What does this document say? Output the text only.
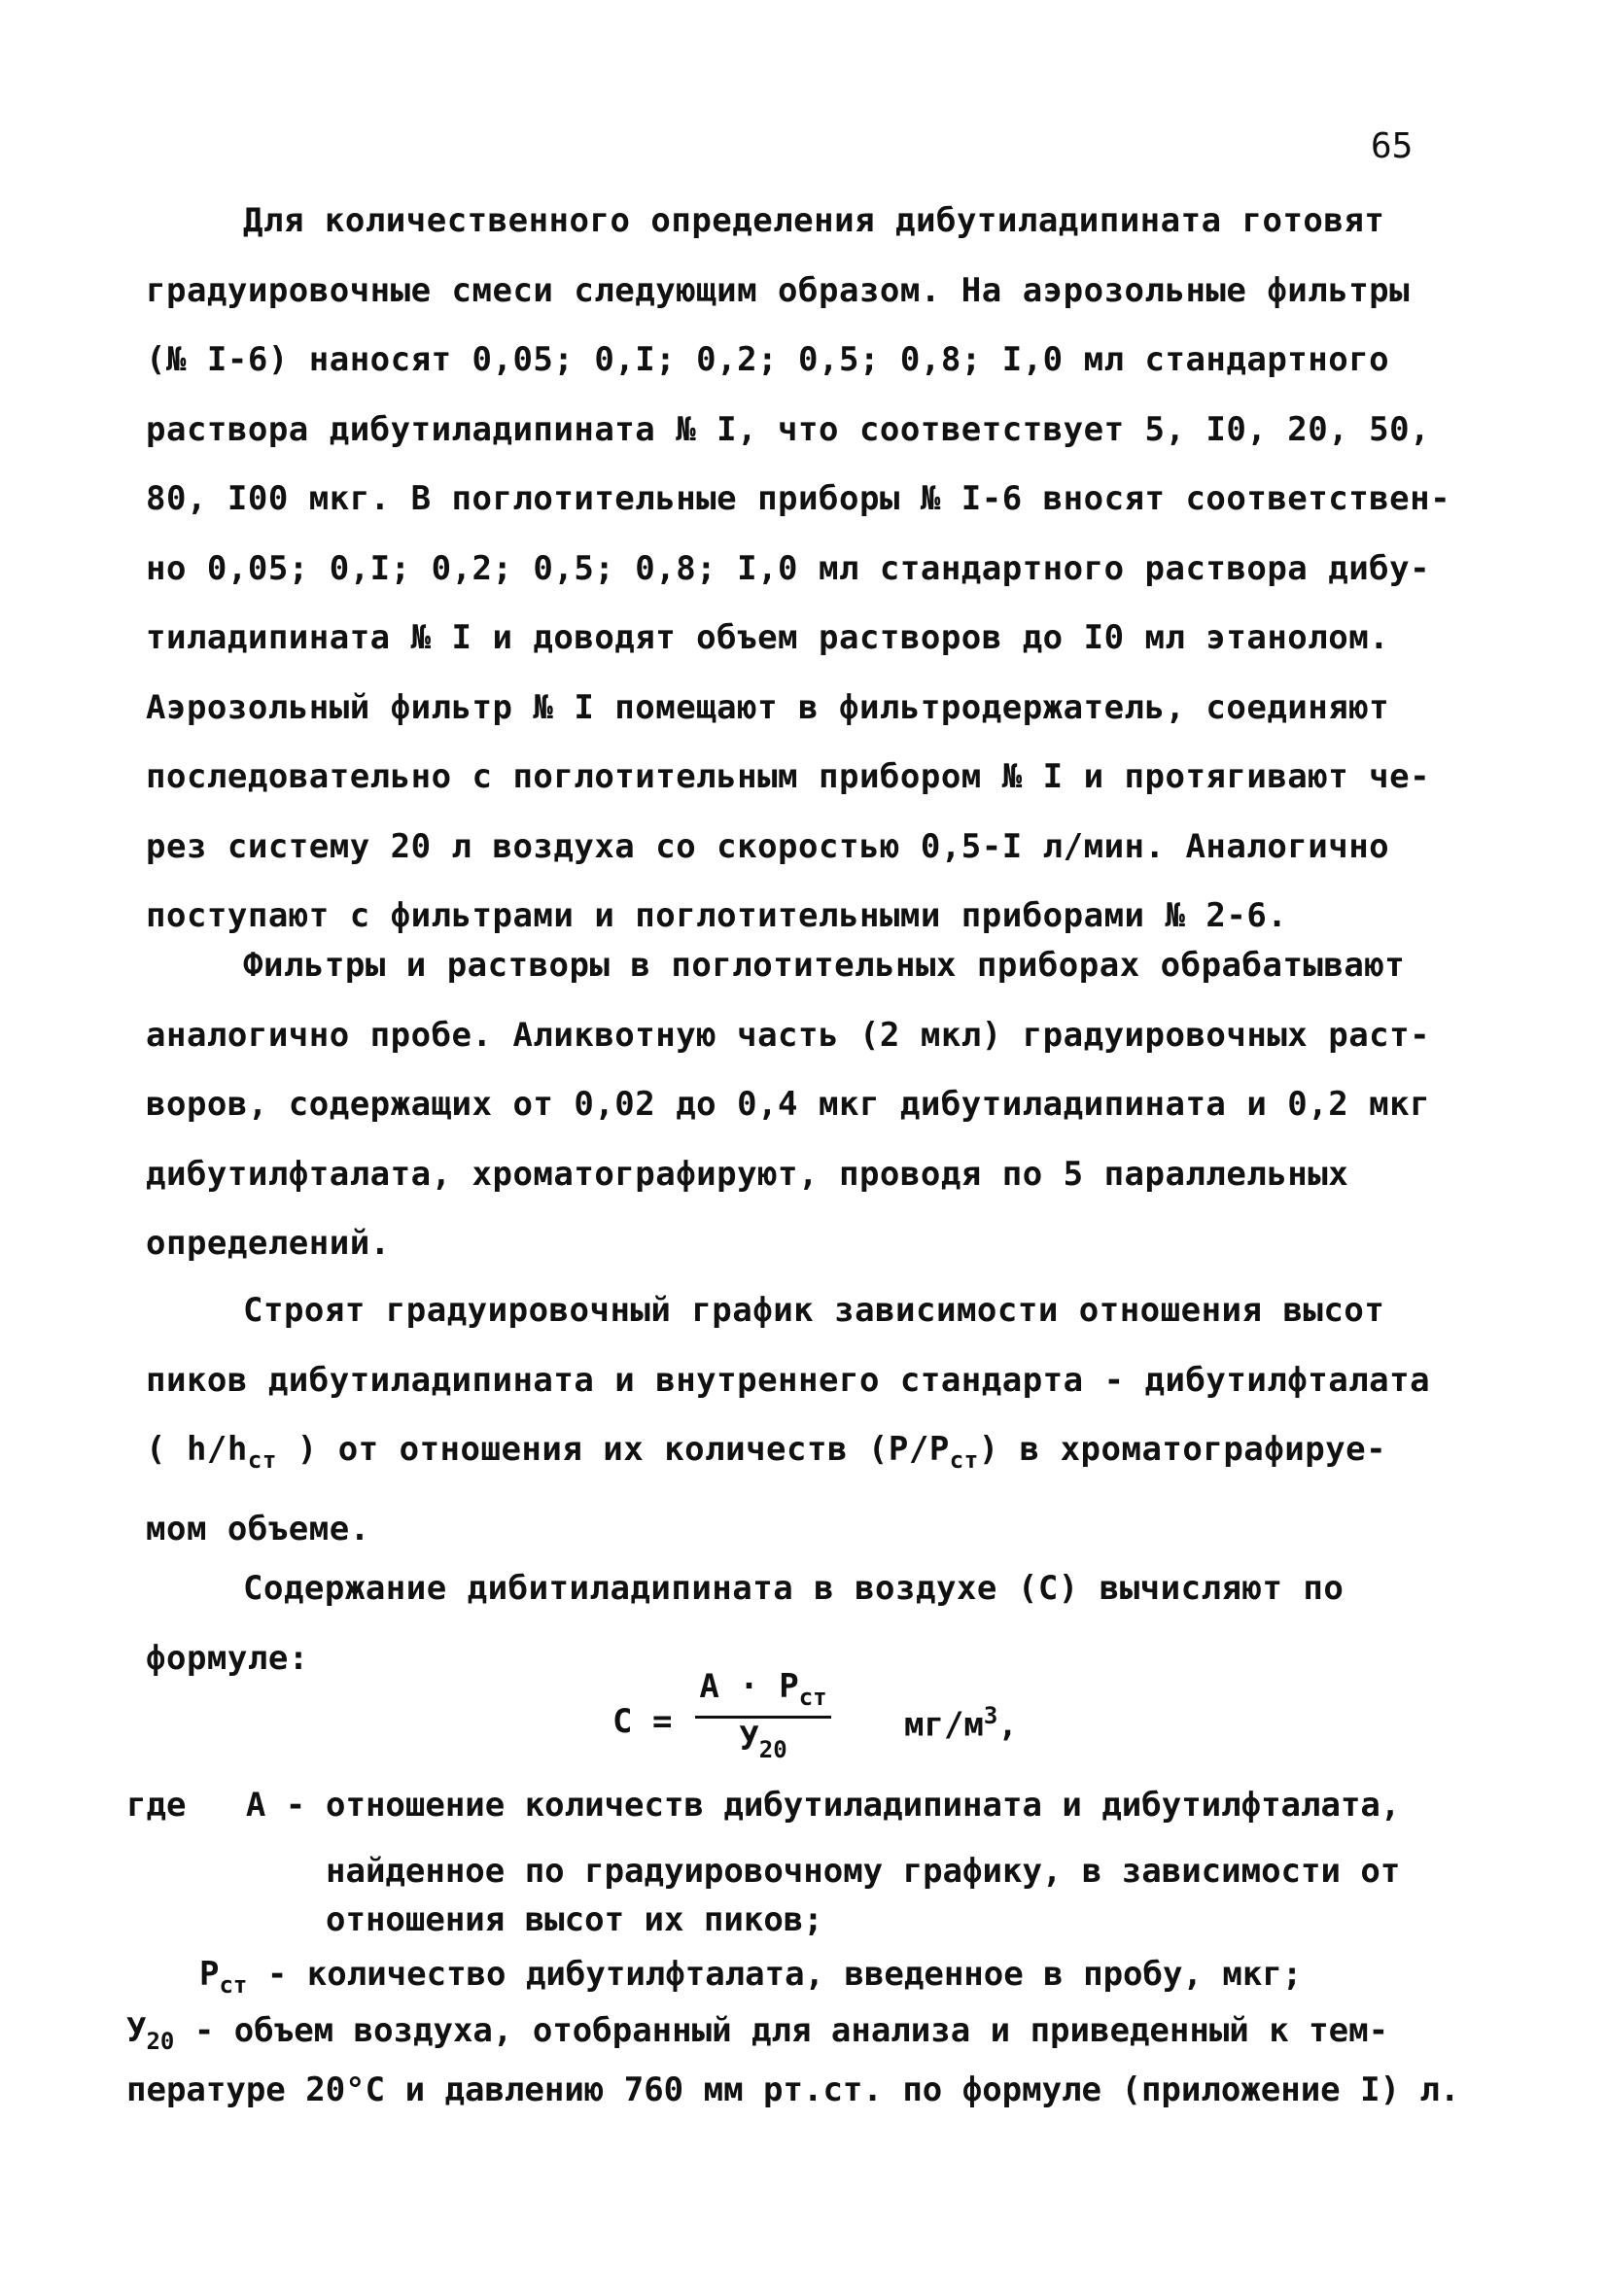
65
Для количественного определения дибутиладипината готовят
градуировочные смеси следующим образом. На аэрозольные фильтры
(№ I-6) наносят 0,05; 0,I; 0,2; 0,5; 0,8; I,0 мл стандартного
раствора дибутиладипината № I, что соответствует 5, I0, 20, 50,
80, I00 мкг. В поглотительные приборы № I-6 вносят соответствен-
но 0,05; 0,I; 0,2; 0,5; 0,8; I,0 мл стандартного раствора дибу-
тиладипината № I и доводят объем растворов до I0 мл этанолом.
Аэрозольный фильтр № I помещают в фильтродержатель, соединяют
последовательно с поглотительным прибором № I и протягивают че-
рез систему 20 л воздуха со скоростью 0,5-I л/мин. Аналогично
поступают с фильтрами и поглотительными приборами № 2-6.
Фильтры и растворы в поглотительных приборах обрабатывают
аналогично пробе. Аликвотную часть (2 мкл) градуировочных раст-
воров, содержащих от 0,02 до 0,4 мкг дибутиладипината и 0,2 мкг
дибутилфталата, хроматографируют, проводя по 5 параллельных
определений.
Строят градуировочный график зависимости отношения высот
пиков дибутиладипината и внутреннего стандарта - дибутилфталата
( $h/h_{ст}$ ) от отношения их количеств $(P/P_{ст})$ в хроматографируе-
мом объеме.
Содержание дибитиладипината в воздухе (С) вычисляют по
формуле:
С =
$A \cdot P_{ст}$
$У_{20}$
$мг/м^3$,
где A - отношение количеств дибутиладипината и дибутилфталата,
найденное по градуировочному графику, в зависимости от
отношения высот их пиков;
$P_{ст}$ - количество дибутилфталата, введенное в пробу, мкг;
$У_{20}$ - объем воздуха, отобранный для анализа и приведенный к тем-
пературе 20°С и давлению 760 мм рт.ст. по формуле (приложение I) л.
